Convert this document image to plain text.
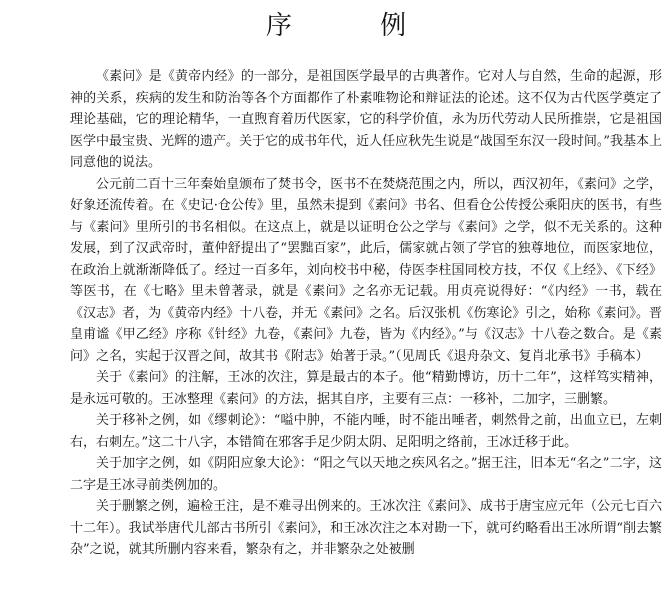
序 例

《素问》是《黄帝内经》的一部分，是祖国医学最早的古典著作。它对人与自然，生命的起源，形神的关系，疾病的发生和防治等各个方面都作了朴素唯物论和辩证法的论述。这不仅为古代医学奠定了理论基础，它的理论精华，一直煦育着历代医家，它的科学价值，永为历代劳动人民所推崇，它是祖国医学中最宝贵、光辉的遗产。关于它的成书年代，近人任应秋先生说是“战国至东汉一段时间。”我基本上同意他的说法。

公元前二百十三年秦始皇颁布了焚书令，医书不在焚烧范围之内，所以，西汉初年，《素问》之学，好象还流传着。在《史记·仓公传》里，虽然未提到《素问》书名、但看仓公传授公乘阳庆的医书，有些与《素问》里所引的书名相似。在这点上，就是以证明仓公之学与《素问》之学，似不无关系的。这种发展，到了汉武帝时，董仲舒提出了“罢黜百家”，此后，儒家就占领了学官的独尊地位，而医家地位，在政治上就渐渐降低了。经过一百多年，刘向校书中秘，侍医李柱国同校方技，不仅《上经》、《下经》等医书，在《七略》里未曾著录，就是《素问》之名亦无记载。用贞亮说得好：“《内经》一书，载在《汉志》者，为《黄帝内经》十八卷，并无《素问》之名。后汉张机《伤寒论》引之，始称《素问》。晋皇甫谧《甲乙经》序称《针经》九卷，《素问》九卷，皆为《内经》。”与《汉志》十八卷之数合。是《素问》之名，实起于汉晋之间，故其书《附志》始著于录。”（见周氏《退舟杂文、复肖北承书》手稿本）

关于《素问》的注解，王冰的次注，算是最古的本子。他“精勤博访，历十二年”，这样笃实精神，是永远可敬的。王冰整理《素问》的方法，据其自序，主要有三点：一移补，二加字，三删繁。

关于移补之例，如《缪刺论》：“嗌中肿，不能内唾，时不能出唾者，刺然骨之前，出血立已，左刺右，右刺左。”这二十八字，本错简在邪客手足少阴太阴、足阳明之络前，王冰迁移于此。

关于加字之例，如《阴阳应象大论》：“阳之气以天地之疾风名之。”据王注，旧本无“名之”二字，这二字是王冰寻前类例加的。

关于删繁之例，遍检王注，是不难寻出例来的。王冰次注《素问》、成书于唐宝应元年（公元七百六十二年）。我试举唐代儿部古书所引《素问》，和王冰次注之本对勘一下，就可约略看出王冰所谓“削去繁杂”之说，就其所删内容来看，繁杂有之，并非繁杂之处被删
